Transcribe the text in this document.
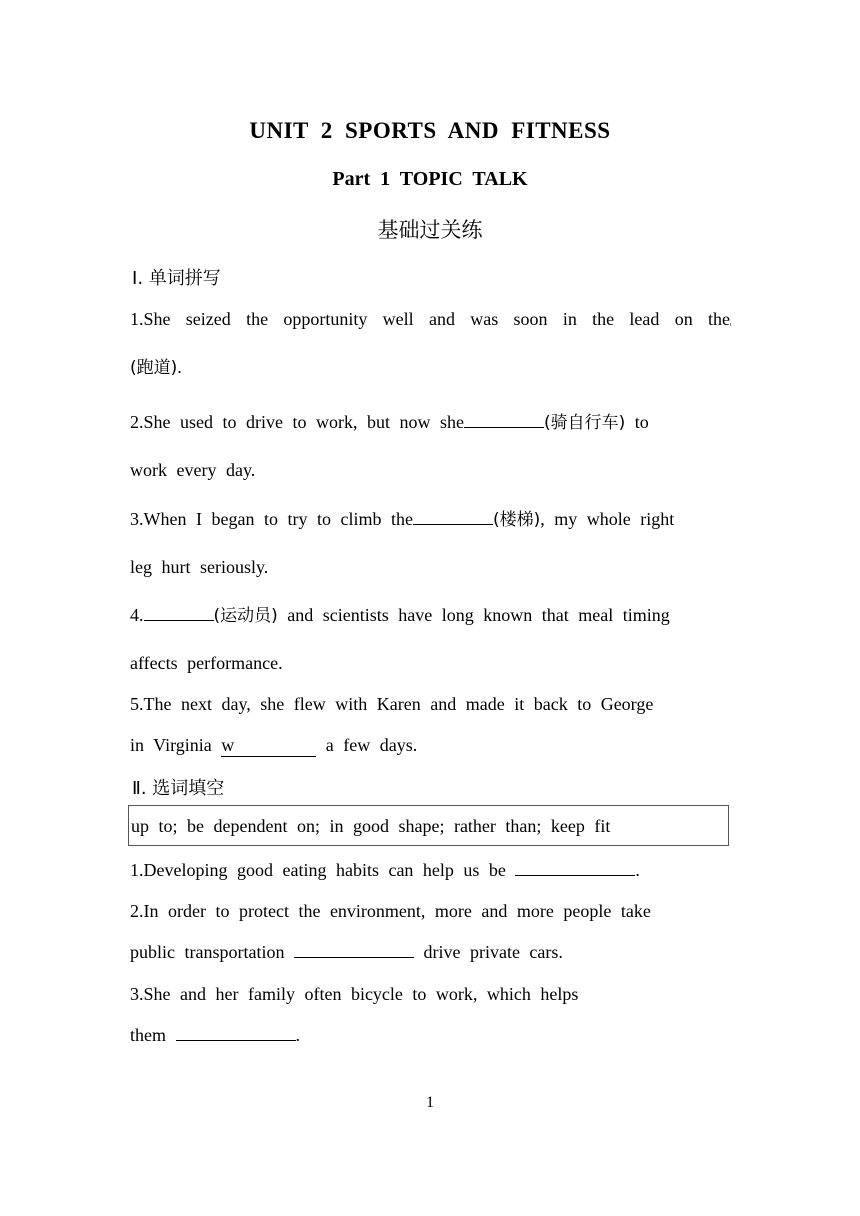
UNIT 2 SPORTS AND FITNESS
Part 1 TOPIC TALK
基础过关练
Ⅰ. 单词拼写
1.She seized the opportunity well and was soon in the lead on the
(跑道).
2.She used to drive to work, but now she	(骑自行车) to
work every day.
3.When I began to try to climb the	(楼梯), my whole right
leg hurt seriously.
4.	(运动员) and scientists have long known that meal timing
affects performance.
5.The next day, she flew with Karen and made it back to George
in Virginia w	a few days.
Ⅱ. 选词填空
up to; be dependent on; in good shape; rather than; keep fit
1.Developing good eating habits can help us be	.
2.In order to protect the environment, more and more people take
public transportation	drive private cars.
3.She and her family often bicycle to work, which helps
them	.
1
